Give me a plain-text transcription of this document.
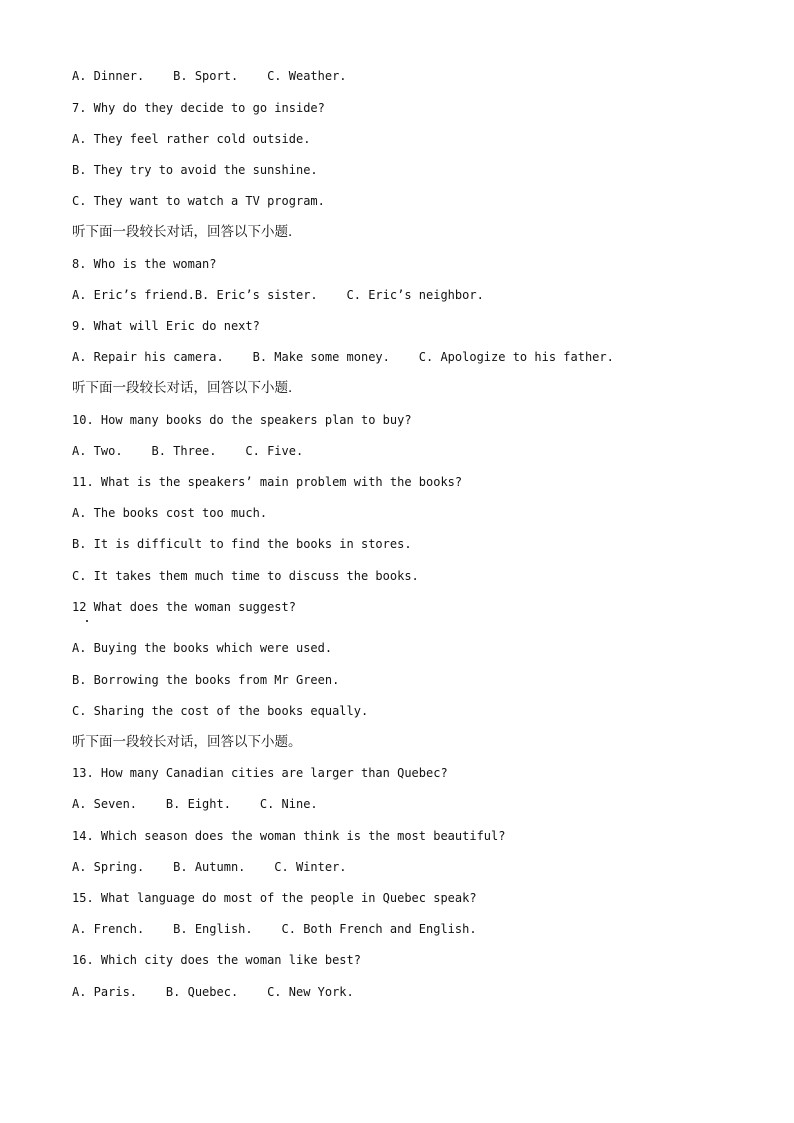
A. Dinner.    B. Sport.    C. Weather.
7. Why do they decide to go inside?
A. They feel rather cold outside.
B. They try to avoid the sunshine.
C. They want to watch a TV program.
听下面一段较长对话，回答以下小题.
8. Who is the woman?
A. Eric’s friend.B. Eric’s sister.    C. Eric’s neighbor.
9. What will Eric do next?
A. Repair his camera.    B. Make some money.    C. Apologize to his father.
听下面一段较长对话，回答以下小题.
10. How many books do the speakers plan to buy?
A. Two.    B. Three.    C. Five.
11. What is the speakers’ main problem with the books?
A. The books cost too much.
B. It is difficult to find the books in stores.
C. It takes them much time to discuss the books.
12 What does the woman suggest?
A. Buying the books which were used.
B. Borrowing the books from Mr Green.
C. Sharing the cost of the books equally.
听下面一段较长对话，回答以下小题。
13. How many Canadian cities are larger than Quebec?
A. Seven.    B. Eight.    C. Nine.
14. Which season does the woman think is the most beautiful?
A. Spring.    B. Autumn.    C. Winter.
15. What language do most of the people in Quebec speak?
A. French.    B. English.    C. Both French and English.
16. Which city does the woman like best?
A. Paris.    B. Quebec.    C. New York.
